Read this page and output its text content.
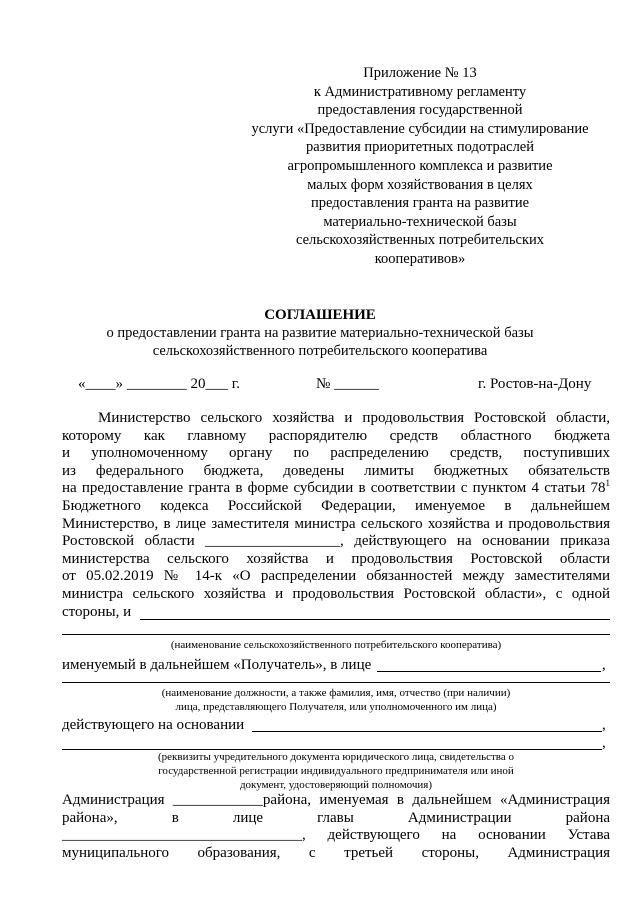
Приложение № 13
к Административному регламенту
предоставления государственной
услуги «Предоставление субсидии на стимулирование
развития приоритетных подотраслей
агропромышленного комплекса и развитие
малых форм хозяйствования в целях
предоставления гранта на развитие
материально-технической базы
сельскохозяйственных потребительских
кооперативов»
СОГЛАШЕНИЕ
о предоставлении гранта на развитие материально-технической базы
сельскохозяйственного потребительского кооператива
«____» ________ 20___ г.	№ ______	г. Ростов-на-Дону
Министерство сельского хозяйства и продовольствия Ростовской области,
которому как главному распорядителю средств областного бюджета
и уполномоченному органу по распределению средств, поступивших
из федерального бюджета, доведены лимиты бюджетных обязательств
на предоставление гранта в форме субсидии в соответствии с пунктом 4 статьи $78^1$
Бюджетного кодекса Российской Федерации, именуемое в дальнейшем
Министерство, в лице заместителя министра сельского хозяйства и продовольствия
Ростовской области __________________, действующего на основании приказа
министерства сельского хозяйства и продовольствия Ростовской области
от 05.02.2019 № 14-к «О распределении обязанностей между заместителями
министра сельского хозяйства и продовольствия Ростовской области», с одной
стороны, и
(наименование сельскохозяйственного потребительского кооператива)
именуемый в дальнейшем «Получатель», в лице	,
(наименование должности, а также фамилия, имя, отчество (при наличии)
лица, представляющего Получателя, или уполномоченного им лица)
действующего на основании	,
,
(реквизиты учредительного документа юридического лица, свидетельства о
государственной регистрации индивидуального предпринимателя или иной
документ, удостоверяющий полномочия)
Администрация ____________района, именуемая в дальнейшем «Администрация
района», в лице главы Администрации района
________________________________, действующего на основании Устава
муниципального образования, с третьей стороны, Администрация
